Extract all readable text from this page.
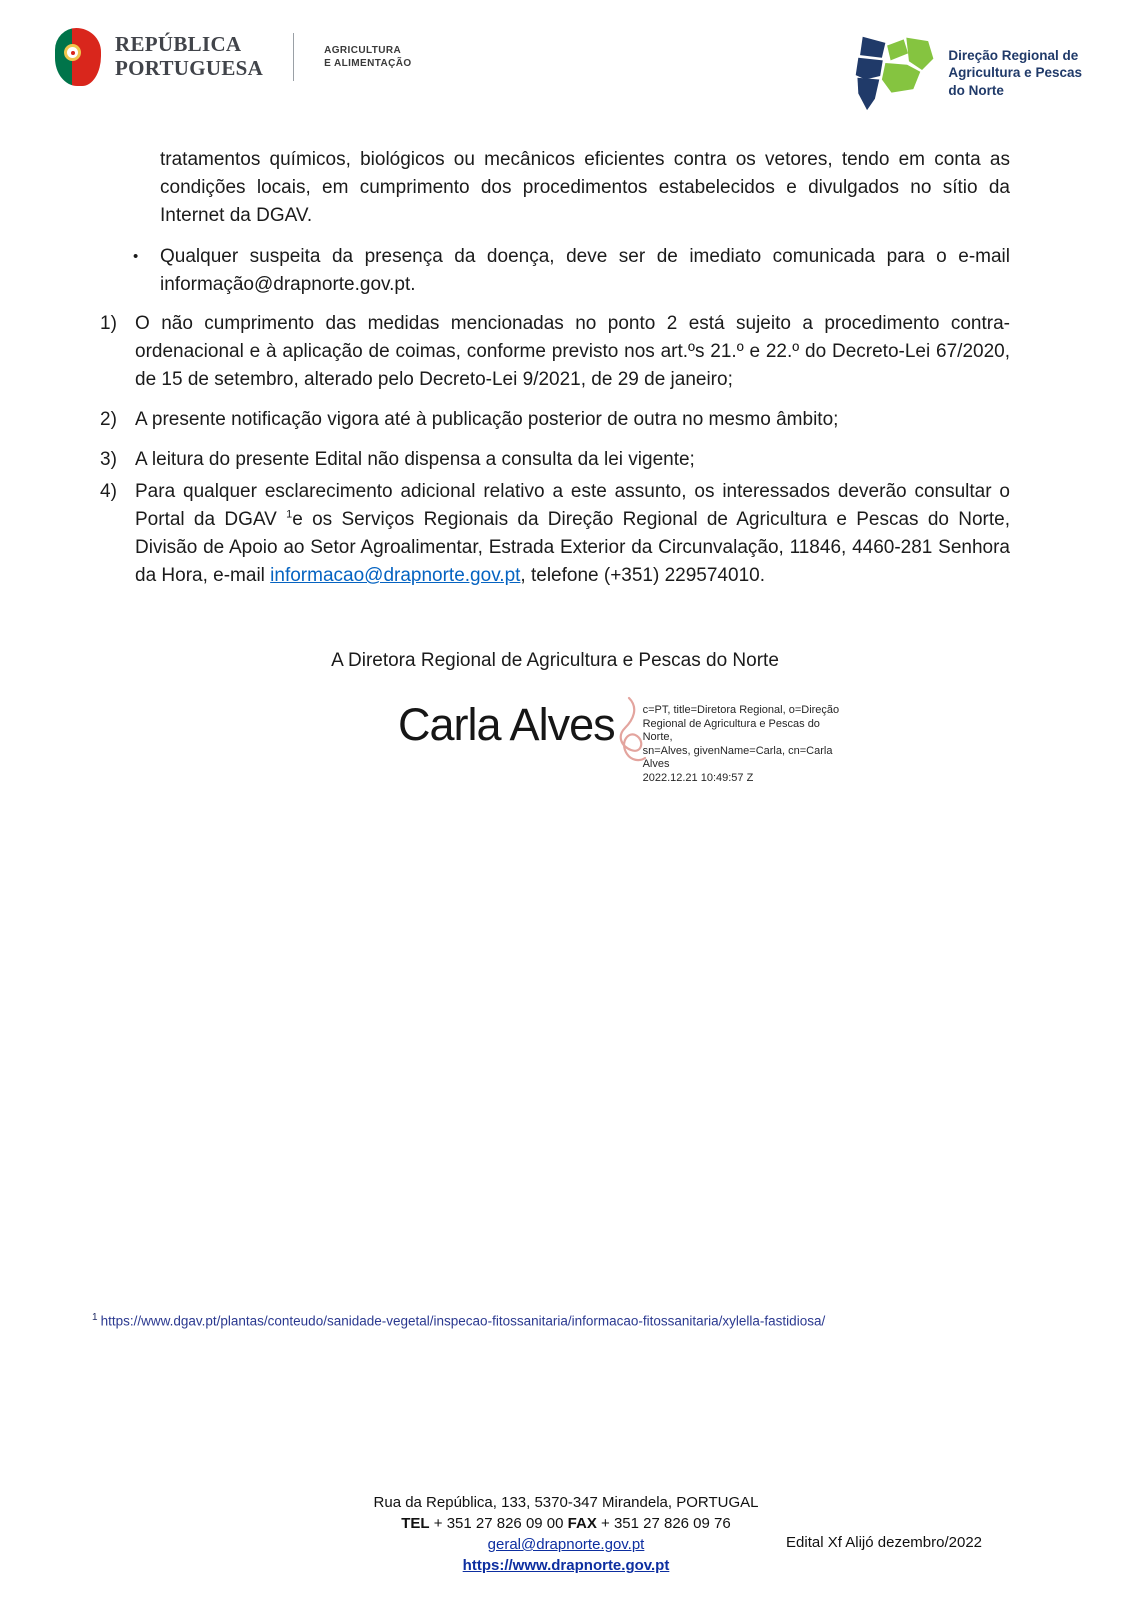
REPÚBLICA
PORTUGUESA
AGRICULTURA
E ALIMENTAÇÃO
Direção Regional de
Agricultura e Pescas
do Norte

tratamentos químicos, biológicos ou mecânicos eficientes contra os vetores, tendo em conta as condições locais, em cumprimento dos procedimentos estabelecidos e divulgados no sítio da Internet da DGAV.

•	Qualquer suspeita da presença da doença, deve ser de imediato comunicada para o e-mail informação@drapnorte.gov.pt.

1) O não cumprimento das medidas mencionadas no ponto 2 está sujeito a procedimento contra-ordenacional e à aplicação de coimas, conforme previsto nos art.ºs 21.º e 22.º do Decreto-Lei 67/2020, de 15 de setembro, alterado pelo Decreto-Lei 9/2021, de 29 de janeiro;

2) A presente notificação vigora até à publicação posterior de outra no mesmo âmbito;

3) A leitura do presente Edital não dispensa a consulta da lei vigente;

4) Para qualquer esclarecimento adicional relativo a este assunto, os interessados deverão consultar o Portal da DGAV $^1$e os Serviços Regionais da Direção Regional de Agricultura e Pescas do Norte, Divisão de Apoio ao Setor Agroalimentar, Estrada Exterior da Circunvalação, 11846, 4460-281 Senhora da Hora, e-mail informacao@drapnorte.gov.pt, telefone (+351) 229574010.

A Diretora Regional de Agricultura e Pescas do Norte
Carla Alves	c=PT, title=Diretora Regional, o=Direção
Regional de Agricultura e Pescas do Norte,
sn=Alves, givenName=Carla, cn=Carla Alves
2022.12.21 10:49:57 Z
$^1$ https://www.dgav.pt/plantas/conteudo/sanidade-vegetal/inspecao-fitossanitaria/informacao-fitossanitaria/xylella-fastidiosa/
Rua da República, 133, 5370-347 Mirandela, PORTUGAL
TEL + 351 27 826 09 00 FAX + 351 27 826 09 76
geral@drapnorte.gov.pt
https://www.drapnorte.gov.pt
Edital Xf Alijó dezembro/2022
